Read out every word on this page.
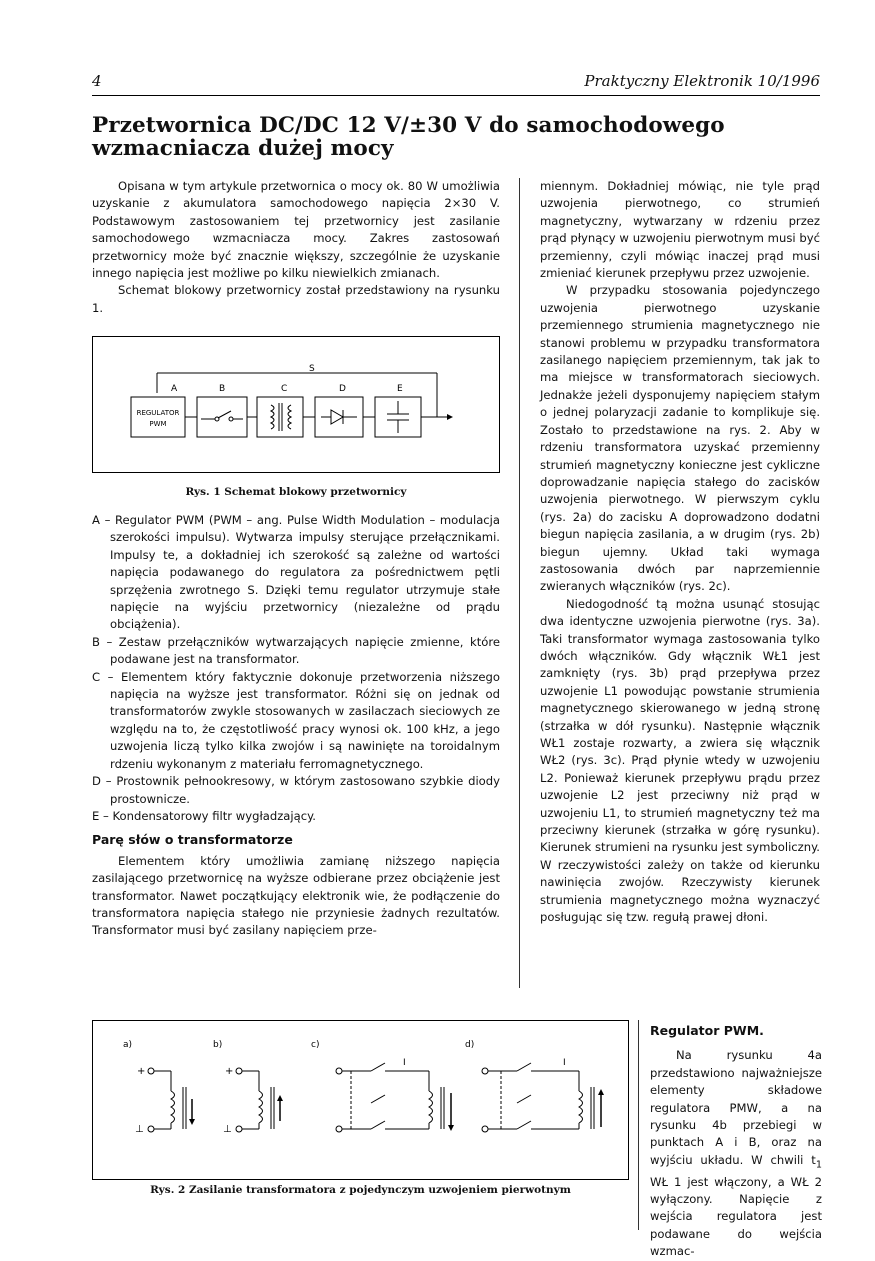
4	Praktyczny Elektronik 10/1996
Przetwornica DC/DC 12 V/±30 V do samochodowego
wzmacniacza dużej mocy

Opisana w tym artykule przetwornica o mocy ok. 80 W umożliwia uzyskanie z akumulatora samochodowego napięcia 2×30 V. Podstawowym zastosowaniem tej przetwornicy jest zasilanie samochodowego wzmacniacza mocy. Zakres zastosowań przetwornicy może być znacznie większy, szczególnie że uzyskanie innego napięcia jest możliwe po kilku niewielkich zmianach.

Schemat blokowy przetwornicy został przedstawiony na rysunku 1.

S
A	B	C	D	E
REGULATOR
PWM
Rys. 1 Schemat blokowy przetwornicy

A – Regulator PWM (PWM – ang. Pulse Width Modulation – modulacja szerokości impulsu). Wytwarza impulsy sterujące przełącznikami. Impulsy te, a dokładniej ich szerokość są zależne od wartości napięcia podawanego do regulatora za pośrednictwem pętli sprzężenia zwrotnego S. Dzięki temu regulator utrzymuje stałe napięcie na wyjściu przetwornicy (niezależne od prądu obciążenia).

B – Zestaw przełączników wytwarzających napięcie zmienne, które podawane jest na transformator.

C – Elementem który faktycznie dokonuje przetworzenia niższego napięcia na wyższe jest transformator. Różni się on jednak od transformatorów zwykle stosowanych w zasilaczach sieciowych ze względu na to, że częstotliwość pracy wynosi ok. 100 kHz, a jego uzwojenia liczą tylko kilka zwojów i są nawinięte na toroidalnym rdzeniu wykonanym z materiału ferromagnetycznego.

D – Prostownik pełnookresowy, w którym zastosowano szybkie diody prostownicze.

E – Kondensatorowy filtr wygładzający.

Parę słów o transformatorze

Elementem który umożliwia zamianę niższego napięcia zasilającego przetwornicę na wyższe odbierane przez obciążenie jest transformator. Nawet początkujący elektronik wie, że podłączenie do transformatora napięcia stałego nie przyniesie żadnych rezultatów. Transformator musi być zasilany napięciem prze-

miennym. Dokładniej mówiąc, nie tyle prąd uzwojenia pierwotnego, co strumień magnetyczny, wytwarzany w rdzeniu przez prąd płynący w uzwojeniu pierwotnym musi być przemienny, czyli mówiąc inaczej prąd musi zmieniać kierunek przepływu przez uzwojenie.

W przypadku stosowania pojedynczego uzwojenia pierwotnego uzyskanie przemiennego strumienia magnetycznego nie stanowi problemu w przypadku transformatora zasilanego napięciem przemiennym, tak jak to ma miejsce w transformatorach sieciowych. Jednakże jeżeli dysponujemy napięciem stałym o jednej polaryzacji zadanie to komplikuje się. Zostało to przedstawione na rys. 2. Aby w rdzeniu transformatora uzyskać przemienny strumień magnetyczny konieczne jest cykliczne doprowadzanie napięcia stałego do zacisków uzwojenia pierwotnego. W pierwszym cyklu (rys. 2a) do zacisku A doprowadzono dodatni biegun napięcia zasilania, a w drugim (rys. 2b) biegun ujemny. Układ taki wymaga zastosowania dwóch par naprzemiennie zwieranych włączników (rys. 2c).

Niedogodność tą można usunąć stosując dwa identyczne uzwojenia pierwotne (rys. 3a). Taki transformator wymaga zastosowania tylko dwóch włączników. Gdy włącznik WŁ1 jest zamknięty (rys. 3b) prąd przepływa przez uzwojenie L1 powodując powstanie strumienia magnetycznego skierowanego w jedną stronę (strzałka w dół rysunku). Następnie włącznik WŁ1 zostaje rozwarty, a zwiera się włącznik WŁ2 (rys. 3c). Prąd płynie wtedy w uzwojeniu L2. Ponieważ kierunek przepływu prądu przez uzwojenie L2 jest przeciwny niż prąd w uzwojeniu L1, to strumień magnetyczny też ma przeciwny kierunek (strzałka w górę rysunku). Kierunek strumieni na rysunku jest symboliczny. W rzeczywistości zależy on także od kierunku nawinięcia zwojów. Rzeczywisty kierunek strumienia magnetycznego można wyznaczyć posługując się tzw. regułą prawej dłoni.

a)
+
⊥
b)
+
⊥
c)
I
d)
I
Rys. 2 Zasilanie transformatora z pojedynczym uzwojeniem pierwotnym

Regulator PWM.

Na rysunku 4a przedstawiono najważniejsze elementy składowe regulatora PMW, a na rysunku 4b przebiegi w punktach A i B, oraz na wyjściu układu. W chwili $t_1$ WŁ 1 jest włączony, a WŁ 2 wyłączony. Napięcie z wejścia regulatora jest podawane do wejścia wzmac-
